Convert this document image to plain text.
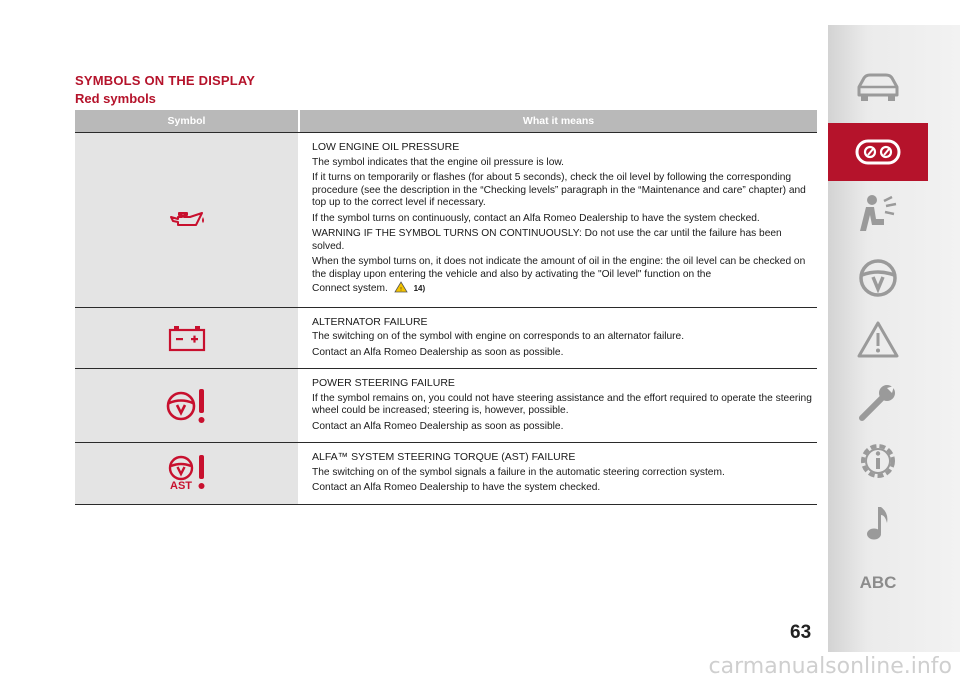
SYMBOLS ON THE DISPLAY
Red symbols
Symbol	What it means
LOW ENGINE OIL PRESSURE

The symbol indicates that the engine oil pressure is low.

If it turns on temporarily or flashes (for about 5 seconds), check the oil level by following the corresponding procedure (see the description in the “Checking levels” paragraph in the “Maintenance and care” chapter) and top up to the correct level if necessary.

If the symbol turns on continuously, contact an Alfa Romeo Dealership to have the system checked.

WARNING IF THE SYMBOL TURNS ON CONTINUOUSLY: Do not use the car until the failure has been solved.

When the symbol turns on, it does not indicate the amount of oil in the engine: the oil level can be checked on the display upon entering the vehicle and also by activating the "Oil level" function on the

Connect system. ! 14)

ALTERNATOR FAILURE

The switching on of the symbol with engine on corresponds to an alternator failure.

Contact an Alfa Romeo Dealership as soon as possible.

POWER STEERING FAILURE

If the symbol remains on, you could not have steering assistance and the effort required to operate the steering wheel could be increased; steering is, however, possible.

Contact an Alfa Romeo Dealership as soon as possible.

AST
ALFA™ SYSTEM STEERING TORQUE (AST) FAILURE

The switching on of the symbol signals a failure in the automatic steering correction system.

Contact an Alfa Romeo Dealership to have the system checked.

ABC
63
carmanualsonline.info
